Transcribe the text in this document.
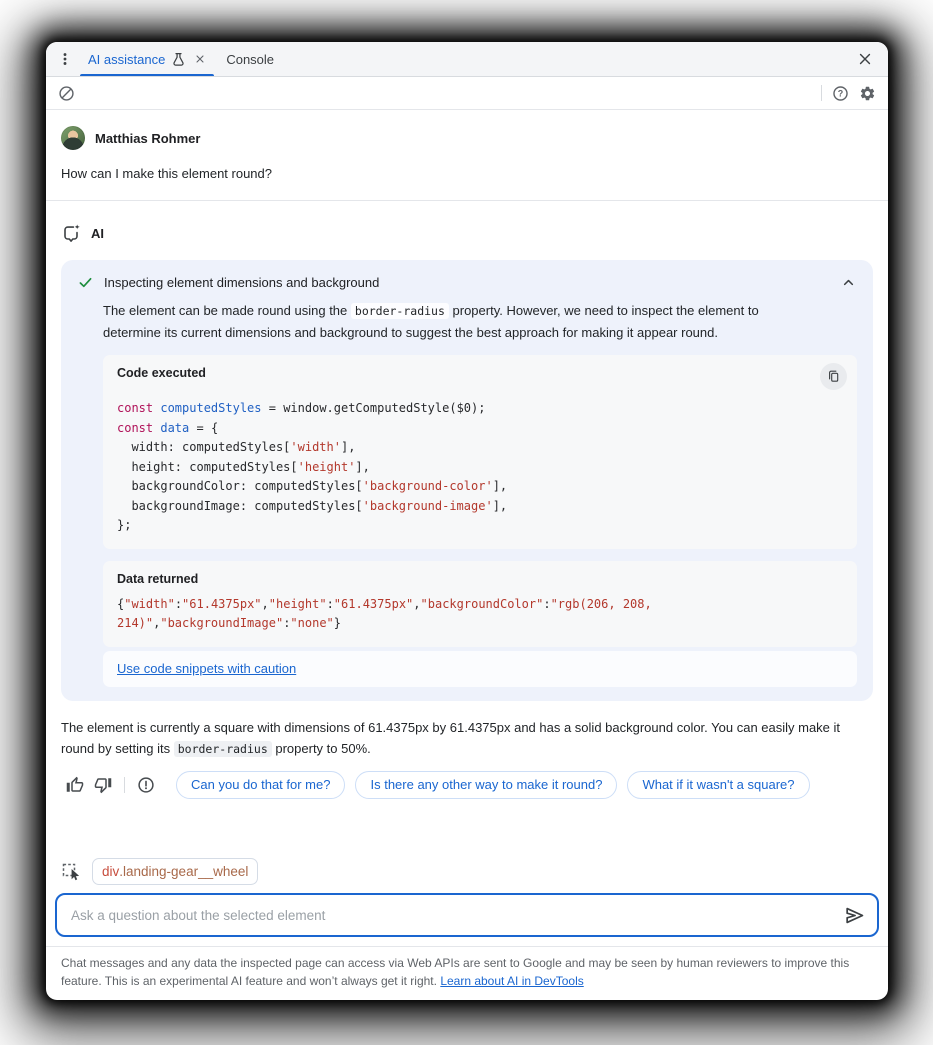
AI assistance	Console
?
Matthias Rohmer
How can I make this element round?
AI
Inspecting element dimensions and background

The element can be made round using the border-radius property. However, we need to inspect the element to determine its current dimensions and background to suggest the best approach for making it appear round.

Code executed
const computedStyles = window.getComputedStyle($0);
const data = {
width: computedStyles['width'],
height: computedStyles['height'],
backgroundColor: computedStyles['background-color'],
backgroundImage: computedStyles['background-image'],
};
Data returned
{"width":"61.4375px","height":"61.4375px","backgroundColor":"rgb(206, 208,
214)","backgroundImage":"none"}
Use code snippets with caution

The element is currently a square with dimensions of 61.4375px by 61.4375px and has a solid background color. You can easily make it round by setting its border-radius property to 50%.

Can you do that for me?	Is there any other way to make it round?	What if it wasn't a square?
div .landing-gear__wheel
Ask a question about the selected element
Chat messages and any data the inspected page can access via Web APIs are sent to Google and may be seen by human reviewers to improve this feature. This is an experimental AI feature and won’t always get it right. Learn about AI in DevTools
